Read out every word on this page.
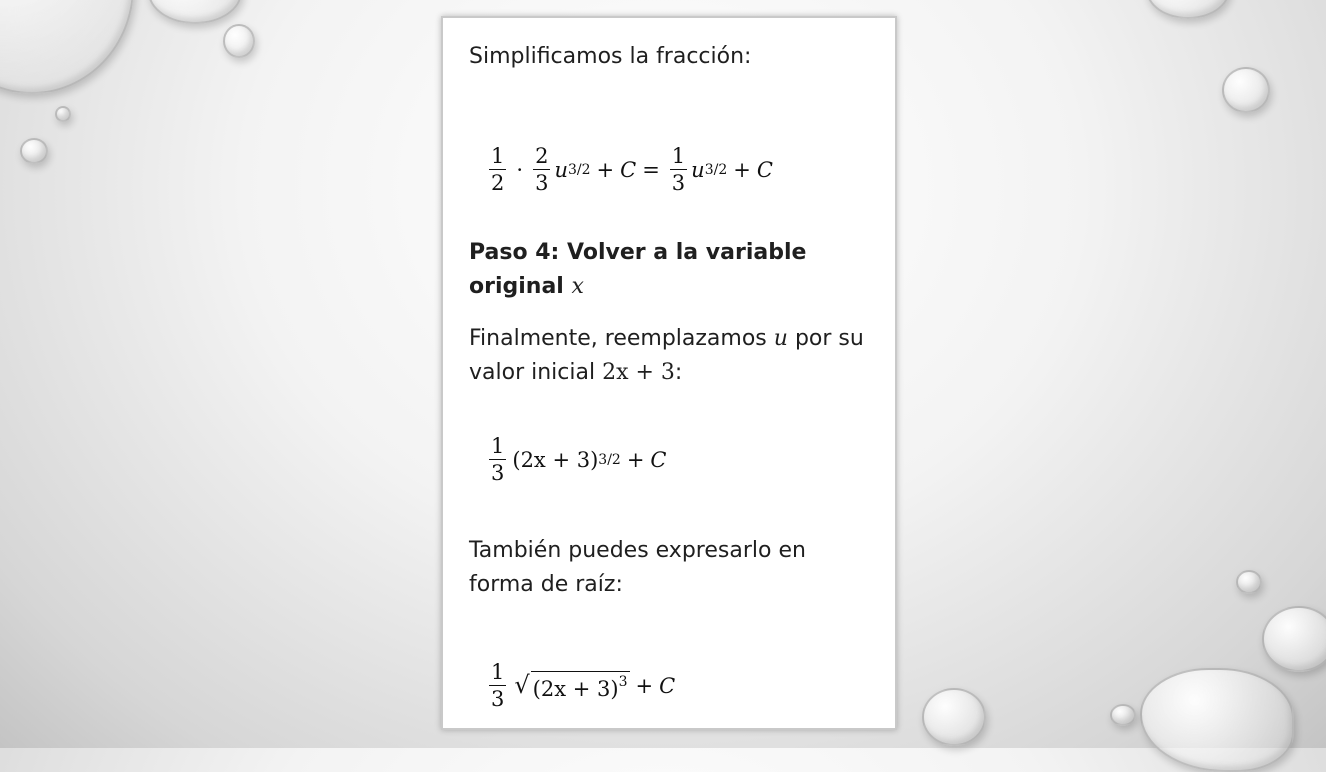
Simplificamos la fracción:

$\frac{1}{2} \cdot \frac{2}{3}$ u $3/2 + C = \frac{1}{3}$ u 3/2 + C

Paso 4: Volver a la variable original x

Finalmente, reemplazamos u por su valor inicial 2x + 3:

$\frac{1}{3} (2x + 3) 3/2 + C$

También puedes expresarlo en forma de raíz:

$\frac{1}{3}$ √ $(2x + 3)^3 + C$
